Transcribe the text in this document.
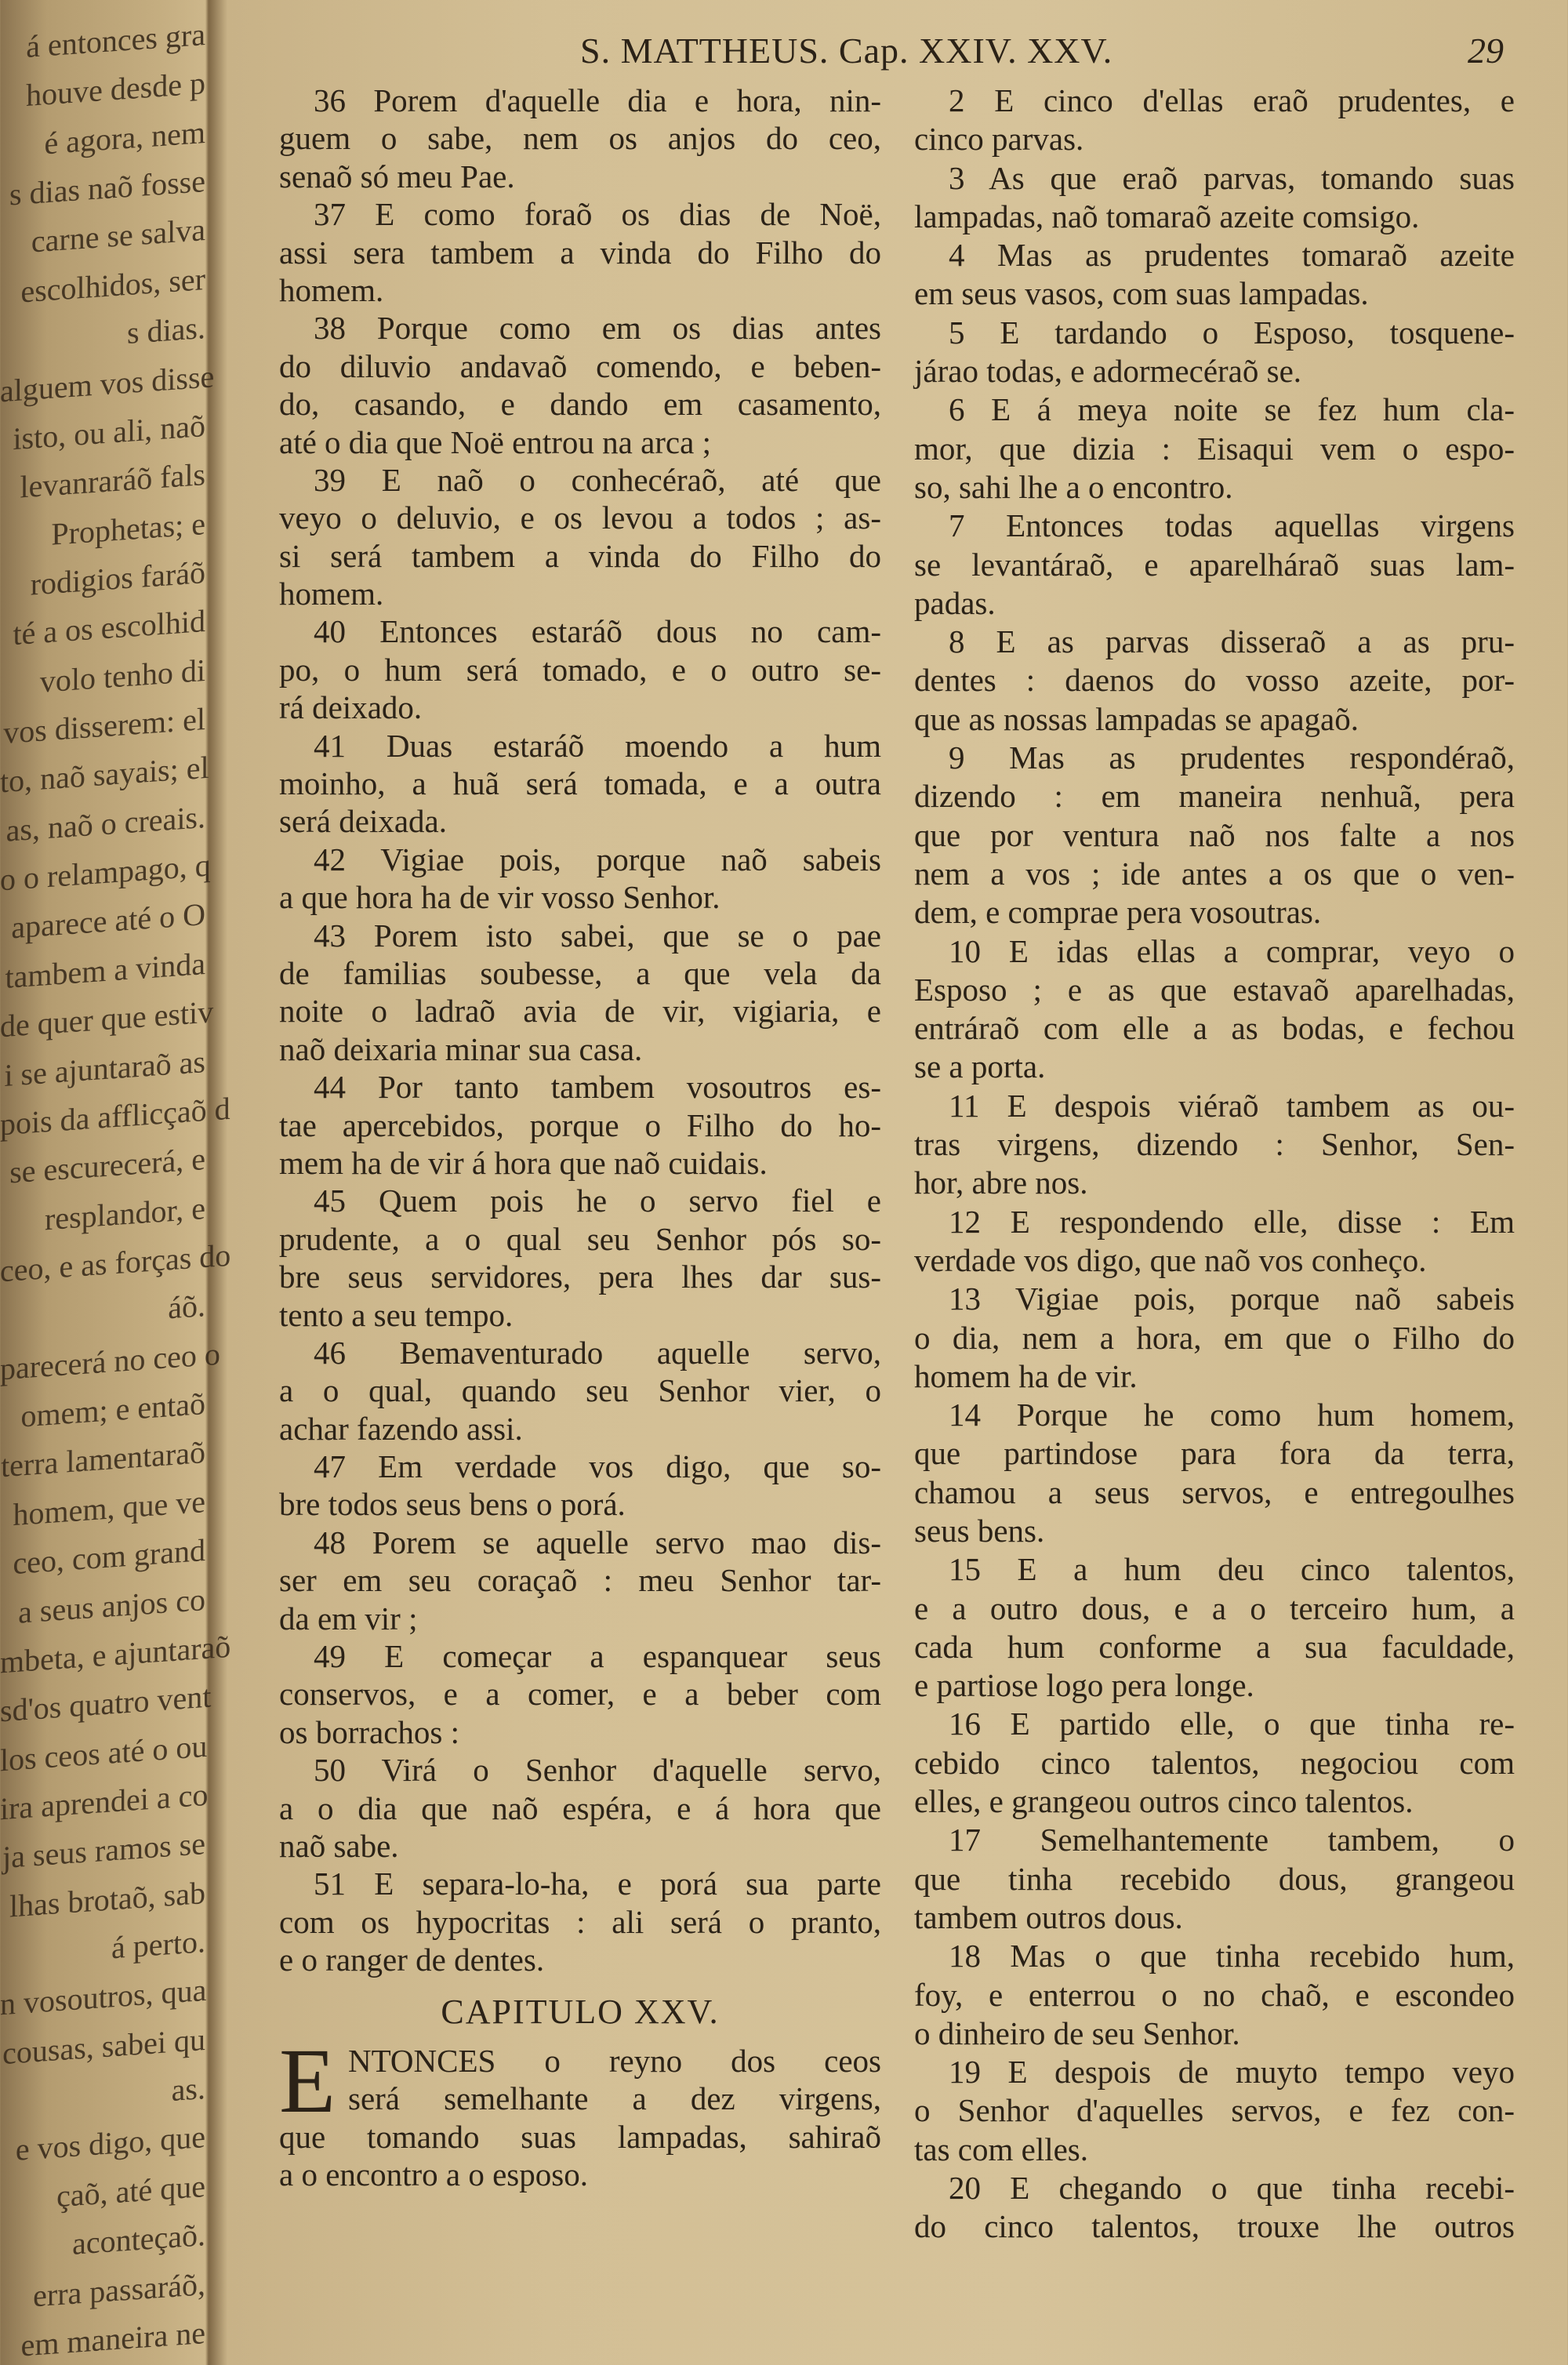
á entonces gra
houve desde p
é agora, nem
s dias naõ fosse
carne se salva
escolhidos, ser
s dias.
alguem vos disse
isto, ou ali, naõ
levanraráõ fals
Prophetas; e
rodigios faráõ
té a os escolhid
volo tenho di
vos disserem: el
to, naõ sayais; el
as, naõ o creais.
o o relampago, q
aparece até o O
tambem a vinda
de quer que estiv
i se ajuntaraõ as
pois da afflicçaõ d
se escurecerá, e
resplandor, e
ceo, e as forças do
áõ.
parecerá no ceo o
omem; e entaõ
terra lamentaraõ
homem, que ve
ceo, com grand
a seus anjos co
mbeta, e ajuntaraõ
sd'os quatro vent
los ceos até o ou
ira aprendei a co
ja seus ramos se
lhas brotaõ, sab
á perto.
n vosoutros, qua
cousas, sabei qu
as.
e vos digo, que
çaõ, até que
aconteçaõ.
erra passaráõ,
em maneira ne
S. MATTHEUS. Cap. XXIV. XXV.	29
36 Porem d'aquelle dia e hora, nin-
guem o sabe, nem os anjos do ceo,
senaõ só meu Pae.
37 E como foraõ os dias de Noë,
assi sera tambem a vinda do Filho do
homem.
38 Porque como em os dias antes
do diluvio andavaõ comendo, e beben-
do, casando, e dando em casamento,
até o dia que Noë entrou na arca ;
39 E naõ o conhecéraõ, até que
veyo o deluvio, e os levou a todos ; as-
si será tambem a vinda do Filho do
homem.
40 Entonces estaráõ dous no cam-
po, o hum será tomado, e o outro se-
rá deixado.
41 Duas estaráõ moendo a hum
moinho, a huã será tomada, e a outra
será deixada.
42 Vigiae pois, porque naõ sabeis
a que hora ha de vir vosso Senhor.
43 Porem isto sabei, que se o pae
de familias soubesse, a que vela da
noite o ladraõ avia de vir, vigiaria, e
naõ deixaria minar sua casa.
44 Por tanto tambem vosoutros es-
tae apercebidos, porque o Filho do ho-
mem ha de vir á hora que naõ cuidais.
45 Quem pois he o servo fiel e
prudente, a o qual seu Senhor pós so-
bre seus servidores, pera lhes dar sus-
tento a seu tempo.
46 Bemaventurado aquelle servo,
a o qual, quando seu Senhor vier, o
achar fazendo assi.
47 Em verdade vos digo, que so-
bre todos seus bens o porá.
48 Porem se aquelle servo mao dis-
ser em seu coraçaõ : meu Senhor tar-
da em vir ;
49 E começar a espanquear seus
conservos, e a comer, e a beber com
os borrachos :
50 Virá o Senhor d'aquelle servo,
a o dia que naõ espéra, e á hora que
naõ sabe.
51 E separa-lo-ha, e porá sua parte
com os hypocritas : ali será o pranto,
e o ranger de dentes.
CAPITULO XXV.
E NTONCES o reyno dos ceos
será semelhante a dez virgens,
que tomando suas lampadas, sahiraõ
a o encontro a o esposo.
2 E cinco d'ellas eraõ prudentes, e
cinco parvas.
3 As que eraõ parvas, tomando suas
lampadas, naõ tomaraõ azeite comsigo.
4 Mas as prudentes tomaraõ azeite
em seus vasos, com suas lampadas.
5 E tardando o Esposo, tosquene-
járao todas, e adormecéraõ se.
6 E á meya noite se fez hum cla-
mor, que dizia : Eisaqui vem o espo-
so, sahi lhe a o encontro.
7 Entonces todas aquellas virgens
se levantáraõ, e aparelháraõ suas lam-
padas.
8 E as parvas disseraõ a as pru-
dentes : daenos do vosso azeite, por-
que as nossas lampadas se apagaõ.
9 Mas as prudentes respondéraõ,
dizendo : em maneira nenhuã, pera
que por ventura naõ nos falte a nos
nem a vos ; ide antes a os que o ven-
dem, e comprae pera vosoutras.
10 E idas ellas a comprar, veyo o
Esposo ; e as que estavaõ aparelhadas,
entráraõ com elle a as bodas, e fechou
se a porta.
11 E despois viéraõ tambem as ou-
tras virgens, dizendo : Senhor, Sen-
hor, abre nos.
12 E respondendo elle, disse : Em
verdade vos digo, que naõ vos conheço.
13 Vigiae pois, porque naõ sabeis
o dia, nem a hora, em que o Filho do
homem ha de vir.
14 Porque he como hum homem,
que partindose para fora da terra,
chamou a seus servos, e entregoulhes
seus bens.
15 E a hum deu cinco talentos,
e a outro dous, e a o terceiro hum, a
cada hum conforme a sua faculdade,
e partiose logo pera longe.
16 E partido elle, o que tinha re-
cebido cinco talentos, negociou com
elles, e grangeou outros cinco talentos.
17 Semelhantemente tambem, o
que tinha recebido dous, grangeou
tambem outros dous.
18 Mas o que tinha recebido hum,
foy, e enterrou o no chaõ, e escondeo
o dinheiro de seu Senhor.
19 E despois de muyto tempo veyo
o Senhor d'aquelles servos, e fez con-
tas com elles.
20 E chegando o que tinha recebi-
do cinco talentos, trouxe lhe outros
